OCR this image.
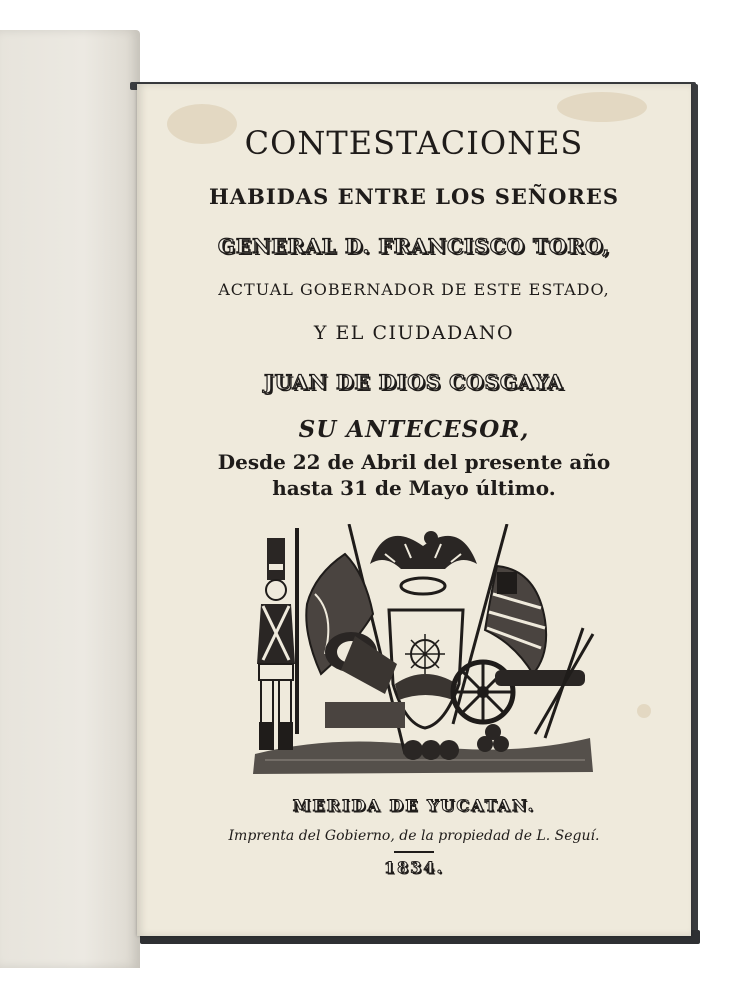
CONTESTACIONES
HABIDAS ENTRE LOS SEÑORES
GENERAL D. FRANCISCO TORO,
ACTUAL GOBERNADOR DE ESTE ESTADO,
Y EL CIUDADANO
JUAN DE DIOS COSGAYA
SU ANTECESOR,
Desde 22 de Abril del presente año
hasta 31 de Mayo último.
MERIDA DE YUCATAN.
Imprenta del Gobierno, de la propiedad de L. Seguí.
1834.
